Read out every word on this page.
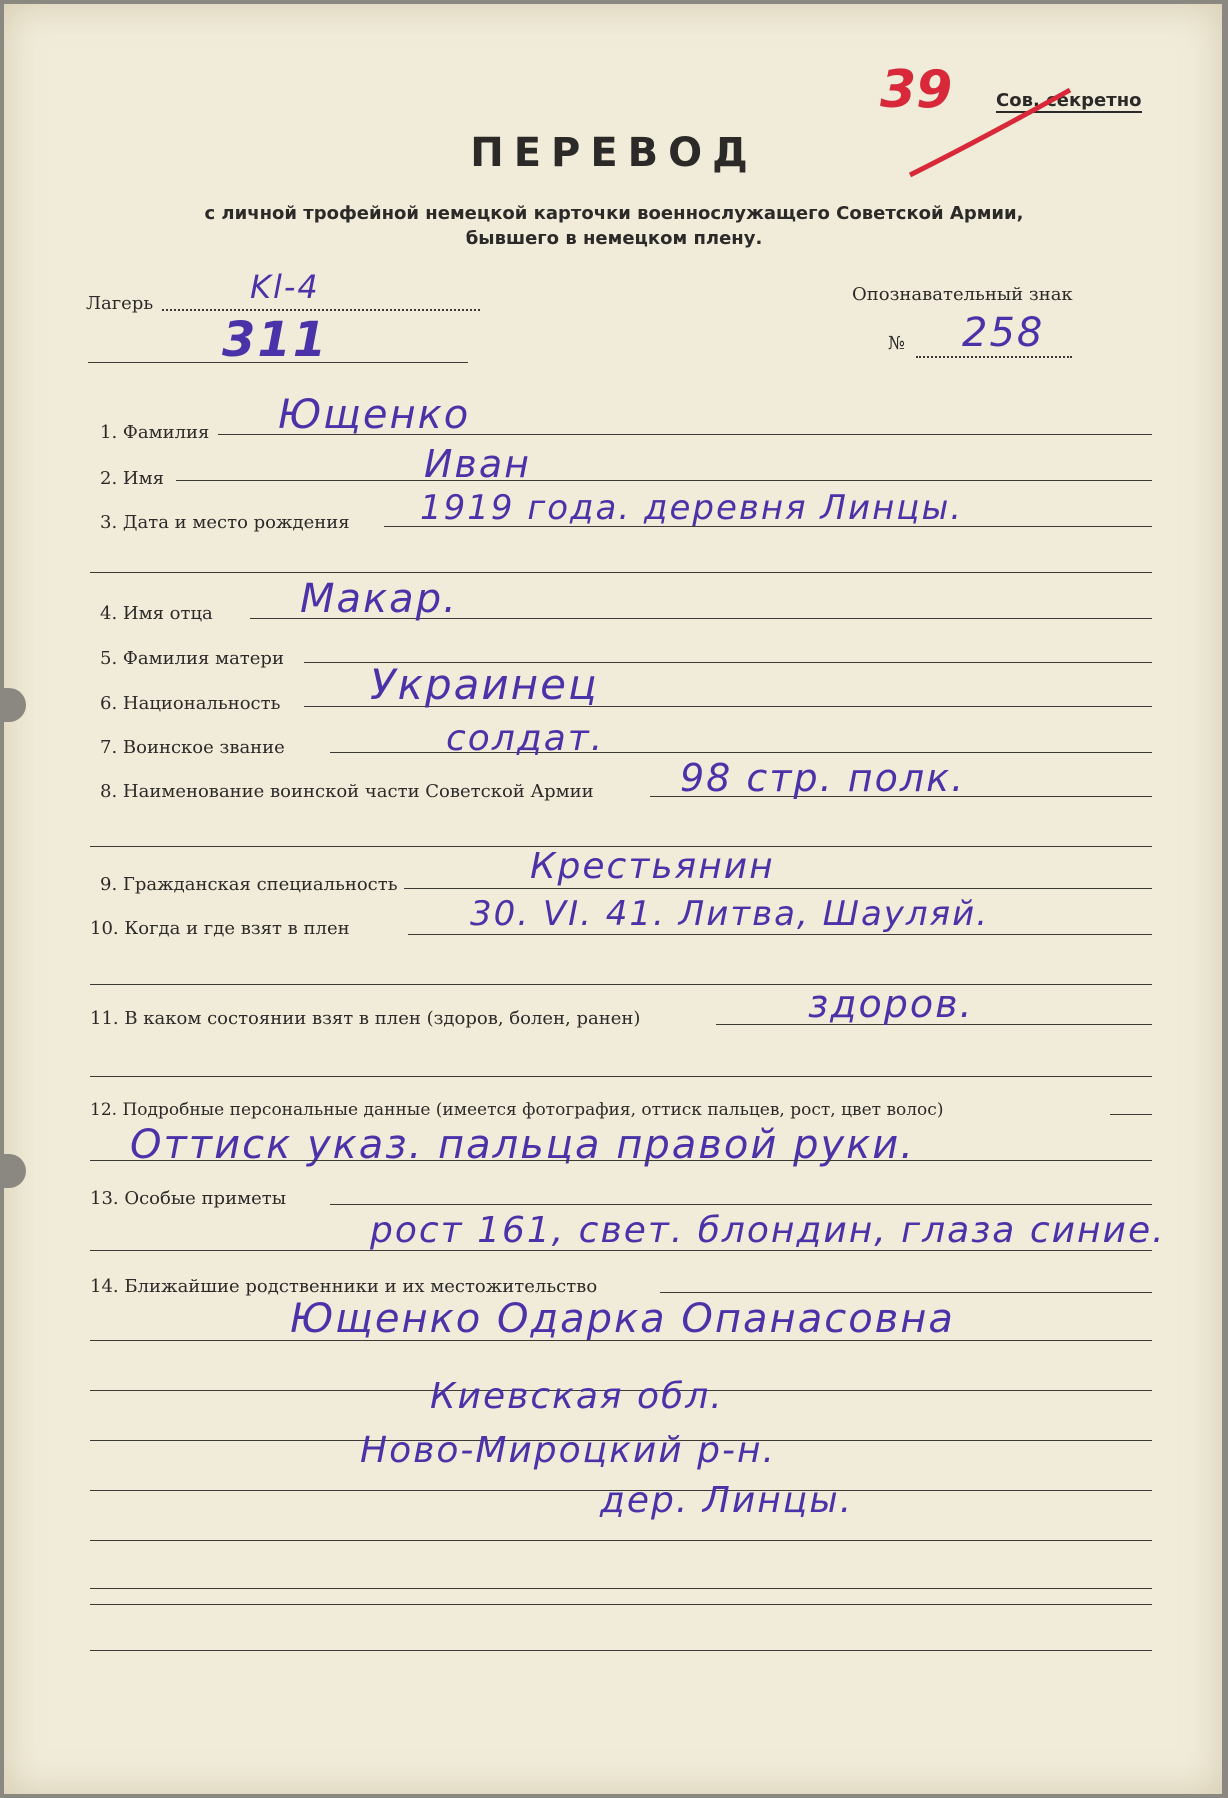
Сов. секретно
39
ПЕРЕВОД
с личной трофейной немецкой карточки военнослужащего Советской Армии,
бывшего в немецком плену.
Лагерь	Kl-4
311
Опознавательный знак
№ 258
1. Фамилия Ющенко
2. Имя	Иван
3. Дата и место рождения 1919 года. деревня Линцы.
4. Имя отца Макар.
5. Фамилия матери
6. Национальность Украинец
7. Воинское звание	солдат.
8. Наименование воинской части Советской Армии 98 стр. полк.
9. Гражданская специальность	Крестьянин
10. Когда и где взят в плен	30. VI. 41. Литва, Шауляй.
11. В каком состоянии взят в плен (здоров, болен, ранен)	здоров.
12. Подробные персональные данные (имеется фотография, оттиск пальцев, рост, цвет волос)
Оттиск указ. пальца правой руки.
13. Особые приметы
рост 161, свет. блондин, глаза синие.
14. Ближайшие родственники и их местожительство
Ющенко Одарка Опанасовна
Киевская обл.
Ново-Мироцкий р-н.
дер. Линцы.
